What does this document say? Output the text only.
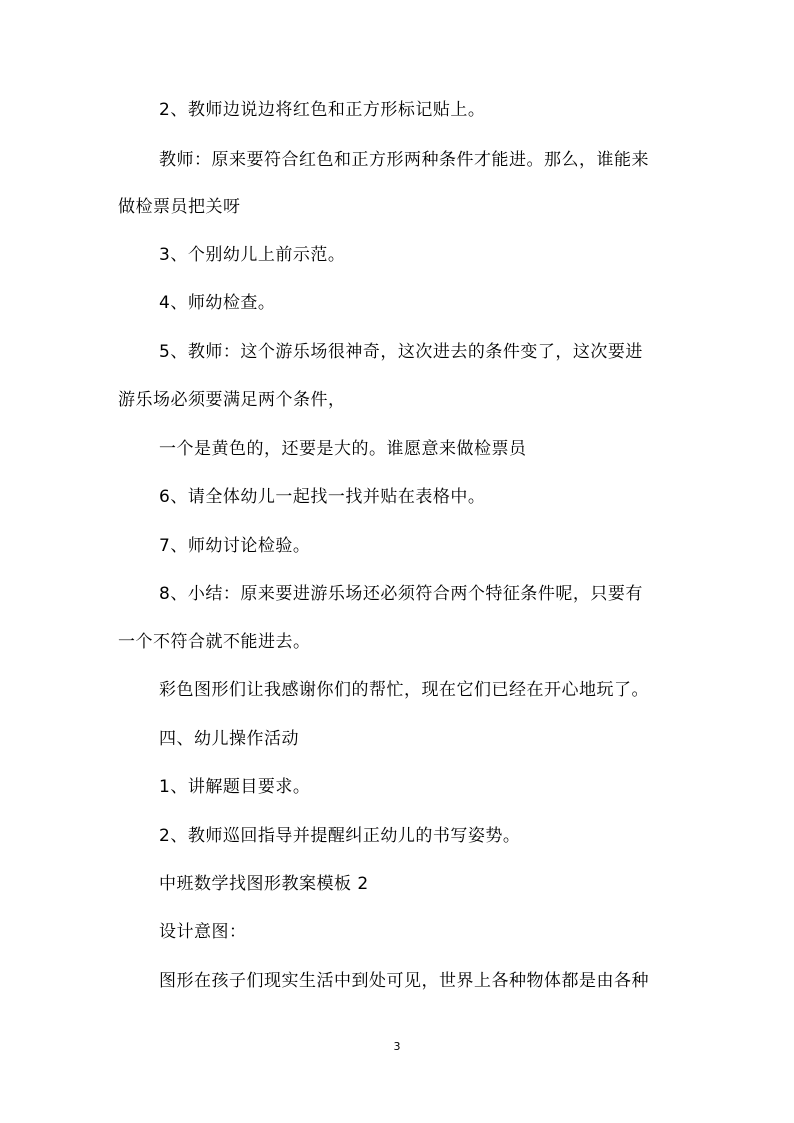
2、教师边说边将红色和正方形标记贴上。
教师：原来要符合红色和正方形两种条件才能进。那么，谁能来
做检票员把关呀
3、个别幼儿上前示范。
4、师幼检查。
5、教师：这个游乐场很神奇，这次进去的条件变了，这次要进
游乐场必须要满足两个条件，
一个是黄色的，还要是大的。谁愿意来做检票员
6、请全体幼儿一起找一找并贴在表格中。
7、师幼讨论检验。
8、小结：原来要进游乐场还必须符合两个特征条件呢，只要有
一个不符合就不能进去。
彩色图形们让我感谢你们的帮忙，现在它们已经在开心地玩了。
四、幼儿操作活动
1、讲解题目要求。
2、教师巡回指导并提醒纠正幼儿的书写姿势。
中班数学找图形教案模板 2
设计意图：
图形在孩子们现实生活中到处可见，世界上各种物体都是由各种
3
